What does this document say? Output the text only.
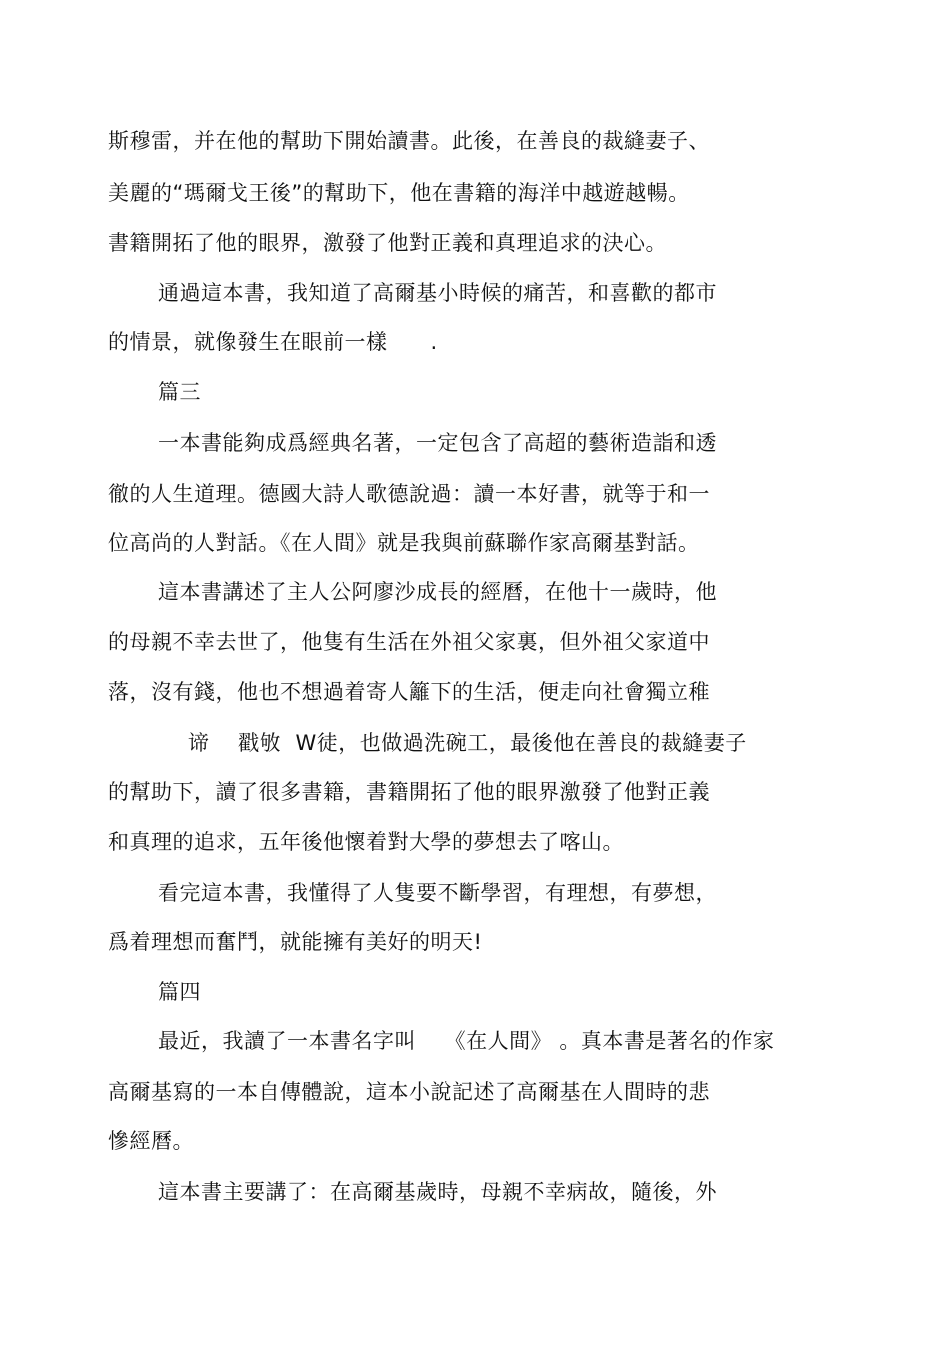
斯穆雷，并在他的幫助下開始讀書。此後，在善良的裁縫妻子、
美麗的“瑪爾戈王後”的幫助下，他在書籍的海洋中越遊越暢。
書籍開拓了他的眼界，激發了他對正義和真理追求的決心。
通過這本書，我知道了高爾基小時候的痛苦，和喜歡的都市
的情景，就像發生在眼前一樣　　.
篇三
一本書能夠成爲經典名著，一定包含了高超的藝術造詣和透
徹的人生道理。德國大詩人歌德說過：讀一本好書，就等于和一
位高尚的人對話。《在人間》就是我與前蘇聯作家高爾基對話。
這本書講述了主人公阿廖沙成長的經曆，在他十一歲時，他
的母親不幸去世了，他隻有生活在外祖父家裏，但外祖父家道中
落，沒有錢，他也不想過着寄人籬下的生活，便走向社會獨立稚
谛　 戳敂  W徒，也做過洗碗工，最後他在善良的裁縫妻子
的幫助下，讀了很多書籍，書籍開拓了他的眼界激發了他對正義
和真理的追求，五年後他懷着對大學的夢想去了喀山。
看完這本書，我懂得了人隻要不斷學習，有理想，有夢想，
爲着理想而奮鬥，就能擁有美好的明天!
篇四
最近，我讀了一本書名字叫　 《在人間》 。真本書是著名的作家
高爾基寫的一本自傳體說，這本小說記述了高爾基在人間時的悲
慘經曆。
這本書主要講了：在高爾基歲時，母親不幸病故，隨後，外
